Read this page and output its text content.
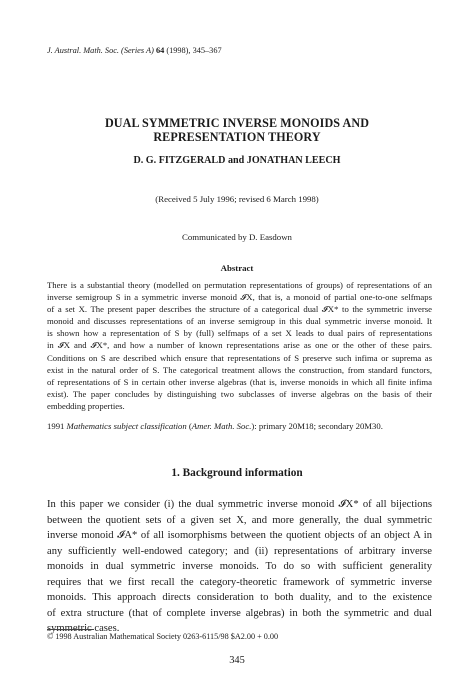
J. Austral. Math. Soc. (Series A) 64 (1998), 345–367
DUAL SYMMETRIC INVERSE MONOIDS AND
REPRESENTATION THEORY
D. G. FITZGERALD and JONATHAN LEECH
(Received 5 July 1996; revised 6 March 1998)
Communicated by D. Easdown
Abstract
There is a substantial theory (modelled on permutation representations of groups) of representations of an
inverse semigroup S in a symmetric inverse monoid 𝓘X, that is, a monoid of partial one-to-one selfmaps
of a set X. The present paper describes the structure of a categorical dual 𝓘X* to the symmetric inverse
monoid and discusses representations of an inverse semigroup in this dual symmetric inverse monoid. It
is shown how a representation of S by (full) selfmaps of a set X leads to dual pairs of representations
in 𝓘X and 𝓘X*, and how a number of known representations arise as one or the other of these pairs.
Conditions on S are described which ensure that representations of S preserve such infima or suprema as
exist in the natural order of S. The categorical treatment allows the construction, from standard functors,
of representations of S in certain other inverse algebras (that is, inverse monoids in which all finite infima
exist). The paper concludes by distinguishing two subclasses of inverse algebras on the basis of their
embedding properties.
1991 Mathematics subject classification (Amer. Math. Soc.): primary 20M18; secondary 20M30.
1. Background information
In this paper we consider (i) the dual symmetric inverse monoid 𝓘X* of all bijections
between the quotient sets of a given set X, and more generally, the dual symmetric
inverse monoid 𝓘A* of all isomorphisms between the quotient objects of an object A in
any sufficiently well-endowed category; and (ii) representations of arbitrary inverse
monoids in dual symmetric inverse monoids. To do so with sufficient generality
requires that we first recall the category-theoretic framework of symmetric inverse
monoids. This approach directs consideration to both duality, and to the existence
of extra structure (that of complete inverse algebras) in both the symmetric and dual
symmetric cases.
© 1998 Australian Mathematical Society 0263-6115/98 $A2.00 + 0.00
345
